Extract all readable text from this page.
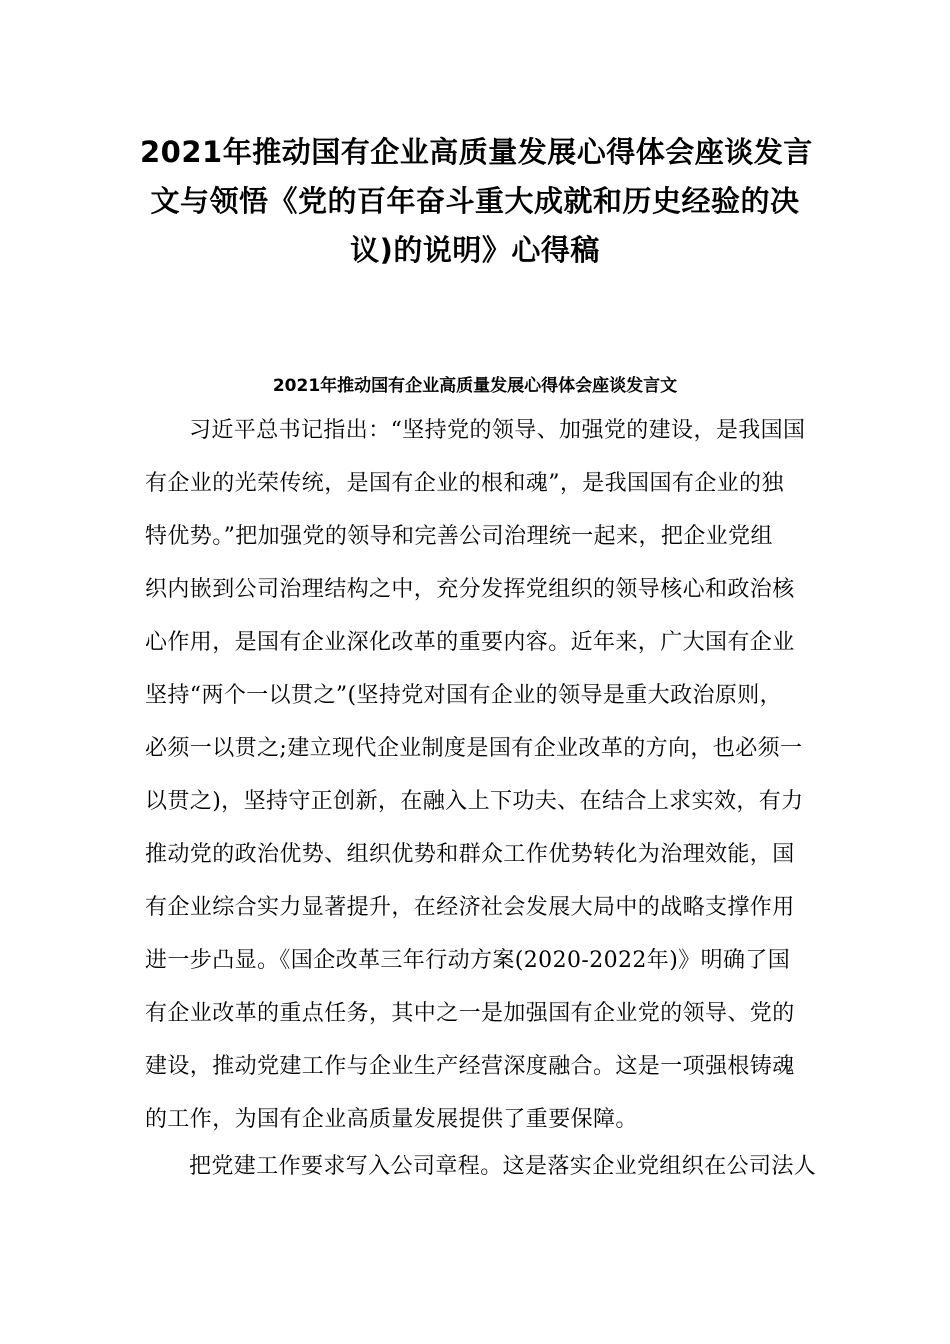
2021年推动国有企业高质量发展心得体会座谈发言
文与领悟《党的百年奋斗重大成就和历史经验的决
议)的说明》心得稿
2021年推动国有企业高质量发展心得体会座谈发言文
习近平总书记指出：“坚持党的领导、加强党的建设，是我国国
有企业的光荣传统，是国有企业的根和魂”，是我国国有企业的独
特优势。”把加强党的领导和完善公司治理统一起来，把企业党组
织内嵌到公司治理结构之中，充分发挥党组织的领导核心和政治核
心作用，是国有企业深化改革的重要内容。近年来，广大国有企业
坚持“两个一以贯之”(坚持党对国有企业的领导是重大政治原则，
必须一以贯之;建立现代企业制度是国有企业改革的方向，也必须一
以贯之)，坚持守正创新，在融入上下功夫、在结合上求实效，有力
推动党的政治优势、组织优势和群众工作优势转化为治理效能，国
有企业综合实力显著提升，在经济社会发展大局中的战略支撑作用
进一步凸显。《国企改革三年行动方案(2020-2022年)》明确了国
有企业改革的重点任务，其中之一是加强国有企业党的领导、党的
建设，推动党建工作与企业生产经营深度融合。这是一项强根铸魂
的工作，为国有企业高质量发展提供了重要保障。
把党建工作要求写入公司章程。这是落实企业党组织在公司法人
